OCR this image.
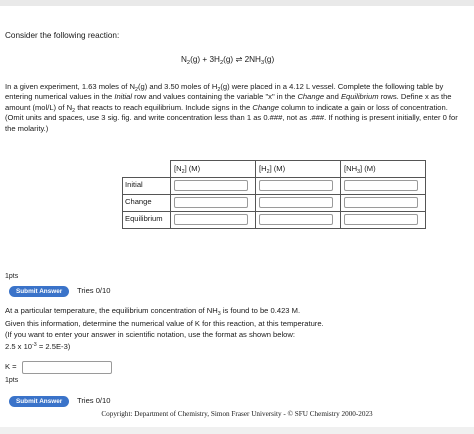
Consider the following reaction:
$N_2(g) + 3H_2(g)$ ⇌ $2NH_3(g)$
In a given experiment, 1.63 moles of $N_2(g)$ and 3.50 moles of $H_2(g)$ were placed in a 4.12 L vessel. Complete the following table by entering numerical values in the Initial row and values containing the variable "x" in the Change and Equilibrium rows. Define x as the amount (mol/L) of $N_2$ that reacts to reach equilibrium. Include signs in the Change column to indicate a gain or loss of concentration. (Omit units and spaces, use 3 sig. fig. and write concentration less than 1 as 0.###, not as .###. If nothing is present initially, enter 0 for the molarity.)
	$[N_2]$ (M)	$[H_2]$ (M)	$[NH_3]$ (M)
Initial	

Change	

Equilibrium	

1pts
Submit Answer	Tries 0/10
At a particular temperature, the equilibrium concentration of $NH_3$ is found to be 0.423 M.
Given this information, determine the numerical value of K for this reaction, at this temperature.
(If you want to enter your answer in scientific notation, use the format as shown below:
2.5 x $10^{-3} = 2.5E-3$)
K =
1pts
Submit Answer	Tries 0/10
Copyright: Department of Chemistry, Simon Fraser University - © SFU Chemistry 2000-2023
